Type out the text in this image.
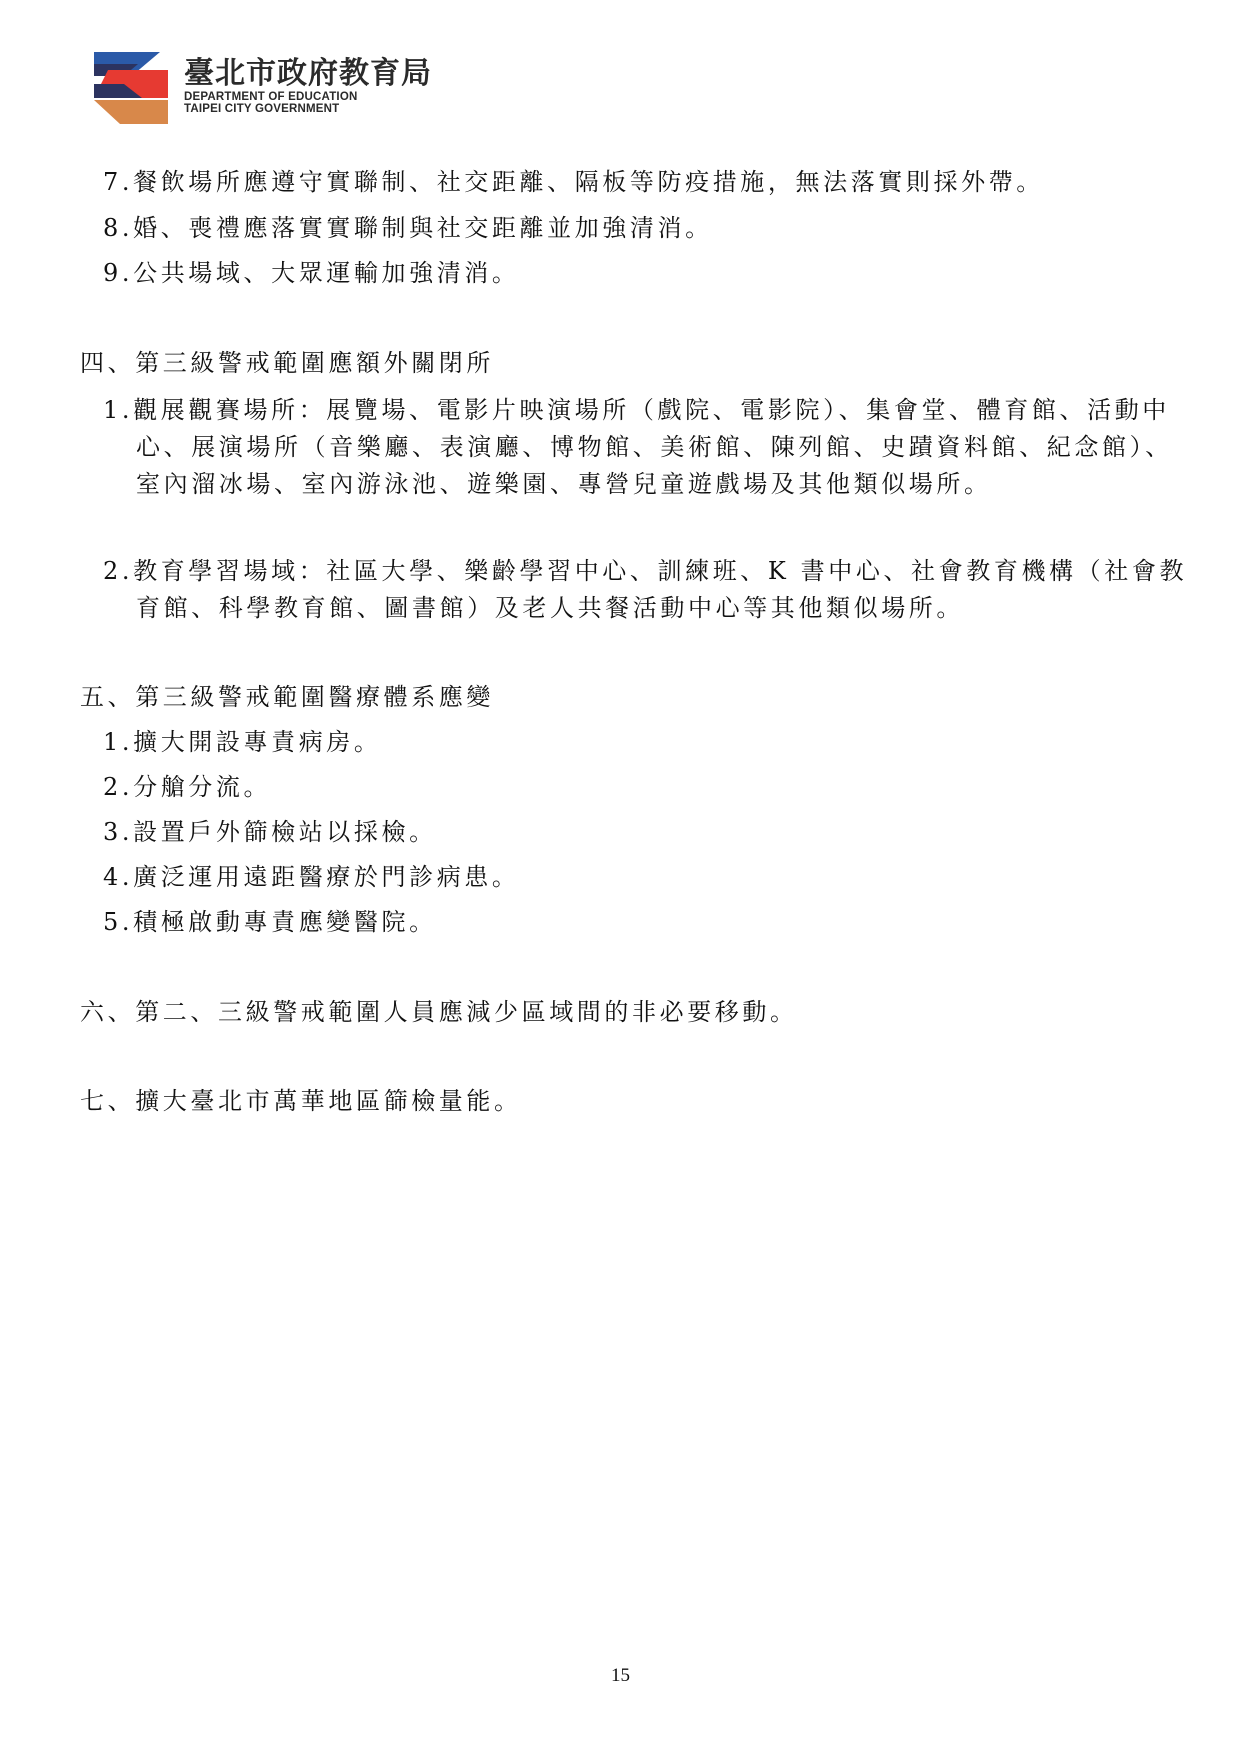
臺北市政府教育局
DEPARTMENT OF EDUCATION
TAIPEI CITY GOVERNMENT
7.餐飲場所應遵守實聯制、社交距離、隔板等防疫措施，無法落實則採外帶。
8.婚、喪禮應落實實聯制與社交距離並加強清消。
9.公共場域、大眾運輸加強清消。
四、第三級警戒範圍應額外關閉所
1.觀展觀賽場所：展覽場、電影片映演場所（戲院、電影院）、集會堂、體育館、活動中心、展演場所（音樂廳、表演廳、博物館、美術館、陳列館、史蹟資料館、紀念館）、室內溜冰場、室內游泳池、遊樂園、專營兒童遊戲場及其他類似場所。
2.教育學習場域：社區大學、樂齡學習中心、訓練班、K 書中心、社會教育機構（社會教育館、科學教育館、圖書館）及老人共餐活動中心等其他類似場所。
五、第三級警戒範圍醫療體系應變
1.擴大開設專責病房。
2.分艙分流。
3.設置戶外篩檢站以採檢。
4.廣泛運用遠距醫療於門診病患。
5.積極啟動專責應變醫院。
六、第二、三級警戒範圍人員應減少區域間的非必要移動。
七、擴大臺北市萬華地區篩檢量能。
15
